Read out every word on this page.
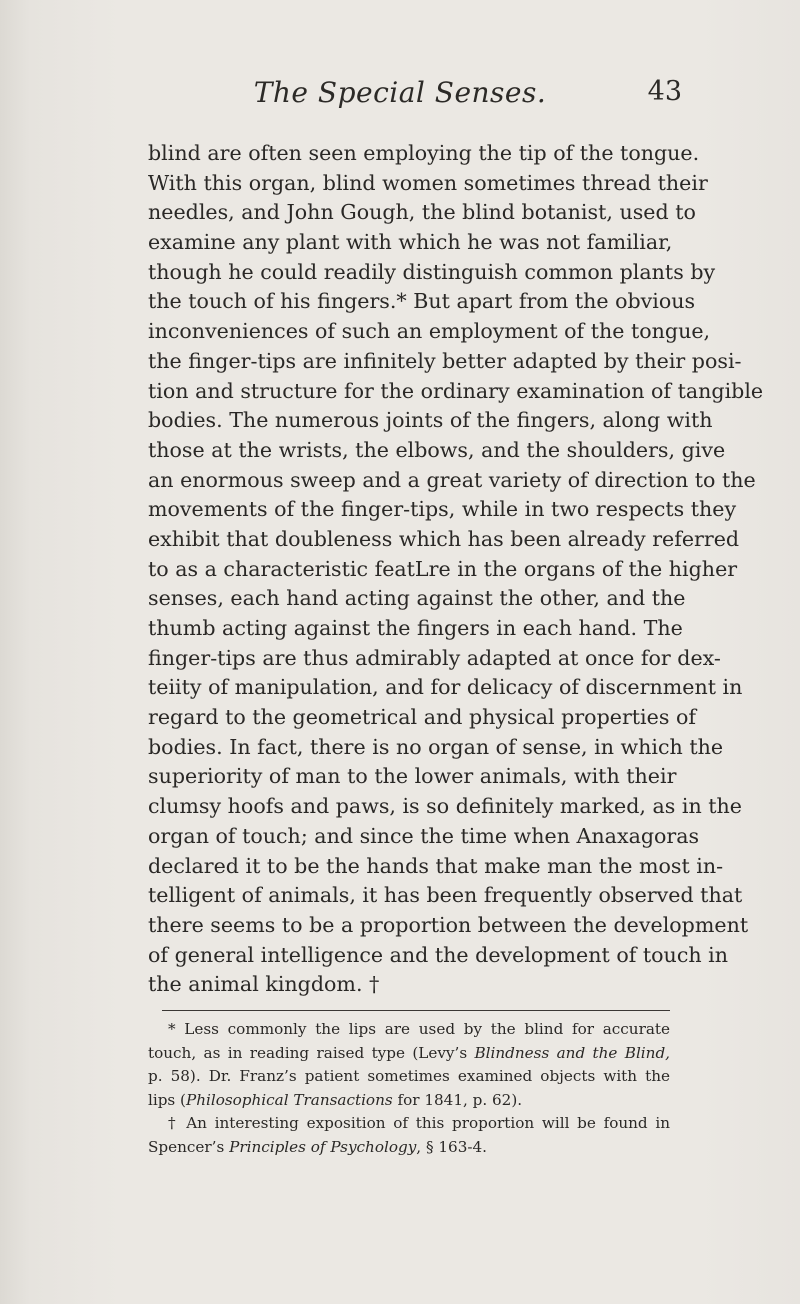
The Special Senses.	43
blind are often seen employing the tip of the tongue.
With this organ, blind women sometimes thread their
needles, and John Gough, the blind botanist, used to
examine any plant with which he was not familiar,
though he could readily distinguish common plants by
the touch of his fingers.* But apart from the obvious
inconveniences of such an employment of the tongue,
the finger-tips are infinitely better adapted by their posi-
tion and structure for the ordinary examination of tangible
bodies. The numerous joints of the fingers, along with
those at the wrists, the elbows, and the shoulders, give
an enormous sweep and a great variety of direction to the
movements of the finger-tips, while in two respects they
exhibit that doubleness which has been already referred
to as a characteristic featLre in the organs of the higher
senses, each hand acting against the other, and the
thumb acting against the fingers in each hand. The
finger-tips are thus admirably adapted at once for dex-
teiity of manipulation, and for delicacy of discernment in
regard to the geometrical and physical properties of
bodies. In fact, there is no organ of sense, in which the
superiority of man to the lower animals, with their
clumsy hoofs and paws, is so definitely marked, as in the
organ of touch; and since the time when Anaxagoras
declared it to be the hands that make man the most in-
telligent of animals, it has been frequently observed that
there seems to be a proportion between the development
of general intelligence and the development of touch in
the animal kingdom. †
* Less commonly the lips are used by the blind for accurate
touch, as in reading raised type (Levy’s Blindness and the Blind,
p. 58). Dr. Franz’s patient sometimes examined objects with the
lips (Philosophical Transactions for 1841, p. 62).
† An interesting exposition of this proportion will be found in
Spencer’s Principles of Psychology, § 163-4.
